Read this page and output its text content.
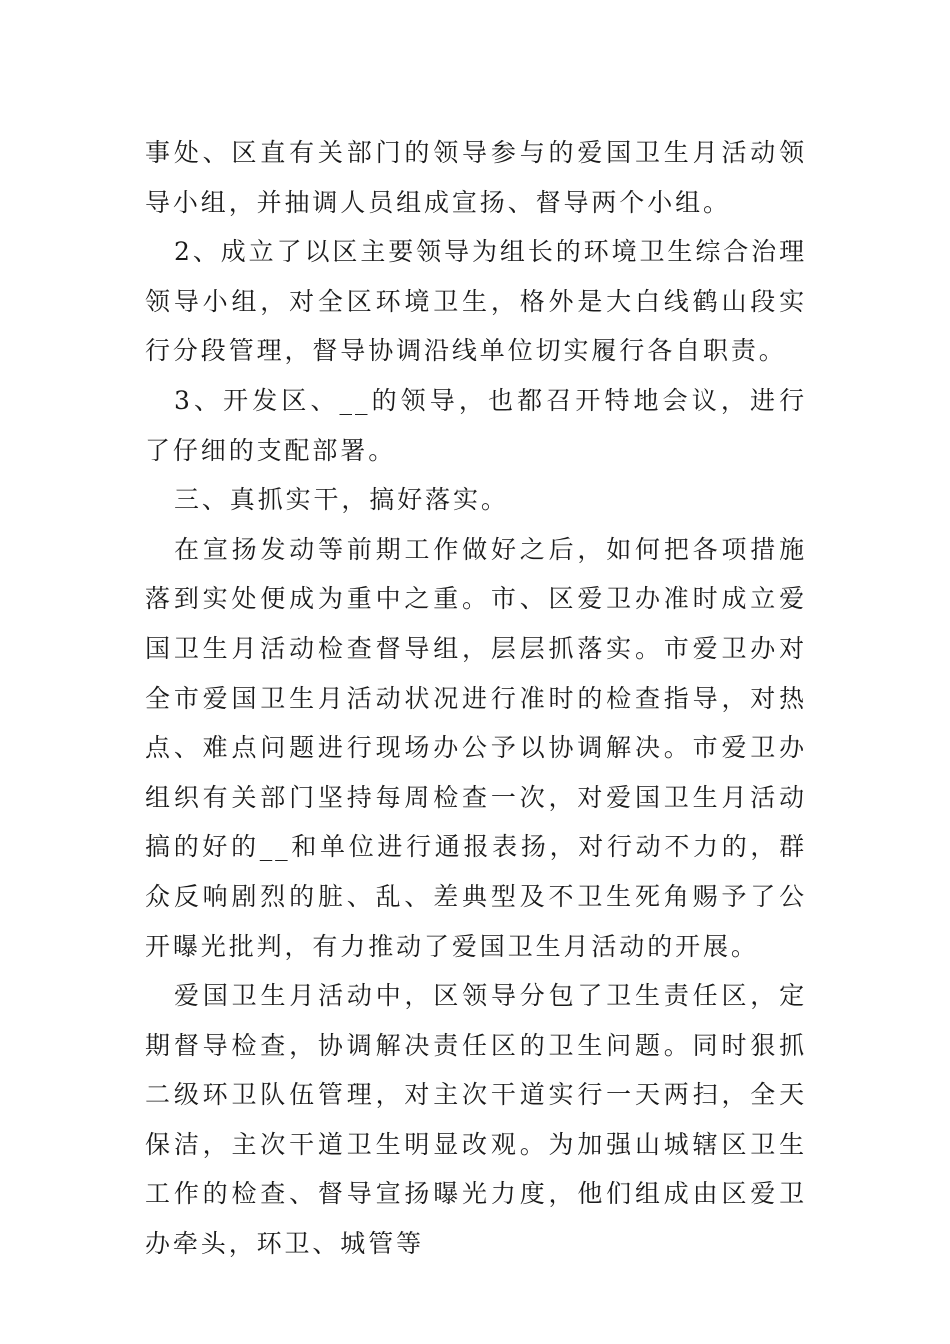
事处、区直有关部门的领导参与的爱国卫生月活动领导小组，并抽调人员组成宣扬、督导两个小组。

2、成立了以区主要领导为组长的环境卫生综合治理领导小组，对全区环境卫生，格外是大白线鹤山段实行分段管理，督导协调沿线单位切实履行各自职责。

3、开发区、__的领导，也都召开特地会议，进行了仔细的支配部署。

三、真抓实干，搞好落实。

在宣扬发动等前期工作做好之后，如何把各项措施落到实处便成为重中之重。市、区爱卫办准时成立爱国卫生月活动检查督导组，层层抓落实。市爱卫办对全市爱国卫生月活动状况进行准时的检查指导，对热点、难点问题进行现场办公予以协调解决。市爱卫办组织有关部门坚持每周检查一次，对爱国卫生月活动搞的好的__和单位进行通报表扬，对行动不力的，群众反响剧烈的脏、乱、差典型及不卫生死角赐予了公开曝光批判，有力推动了爱国卫生月活动的开展。

爱国卫生月活动中，区领导分包了卫生责任区，定期督导检查，协调解决责任区的卫生问题。同时狠抓二级环卫队伍管理，对主次干道实行一天两扫，全天保洁，主次干道卫生明显改观。为加强山城辖区卫生工作的检查、督导宣扬曝光力度，他们组成由区爱卫办牵头，环卫、城管等
